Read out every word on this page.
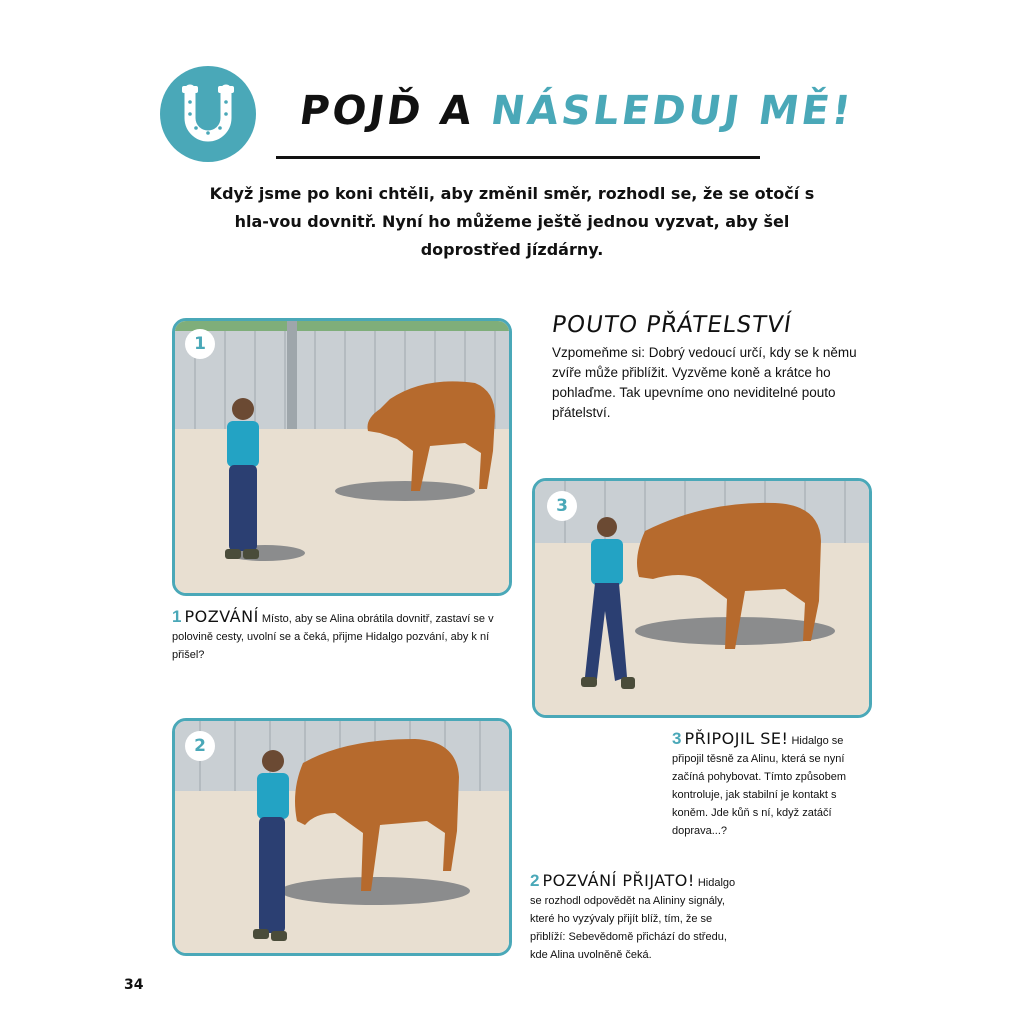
POJĎ A NÁSLEDUJ MĚ!
Když jsme po koni chtěli, aby změnil směr, rozhodl se, že se otočí s hla-vou dovnitř. Nyní ho můžeme ještě jednou vyzvat, aby šel doprostřed jízdárny.
1
3
2
POUTO PŘÁTELSTVÍ
Vzpomeňme si: Dobrý vedoucí určí, kdy se k němu zvíře může přiblížit. Vyzvěme koně a krátce ho pohlaďme. Tak upevníme ono neviditelné pouto přátelství.
1 POZVÁNÍ Místo, aby se Alina obrátila dovnitř, zastaví se v polovině cesty, uvolní se a čeká, přijme Hidalgo pozvání, aby k ní přišel?
3 PŘIPOJIL SE! Hidalgo se připojil těsně za Alinu, která se nyní začíná pohybovat. Tímto způsobem kontroluje, jak stabilní je kontakt s koněm. Jde kůň s ní, když zatáčí doprava...?
2 POZVÁNÍ PŘIJATO! Hidalgo se rozhodl odpovědět na Alininy signály, které ho vyzývaly přijít blíž, tím, že se přiblíží: Sebevědomě přichází do středu, kde Alina uvolněně čeká.
34
